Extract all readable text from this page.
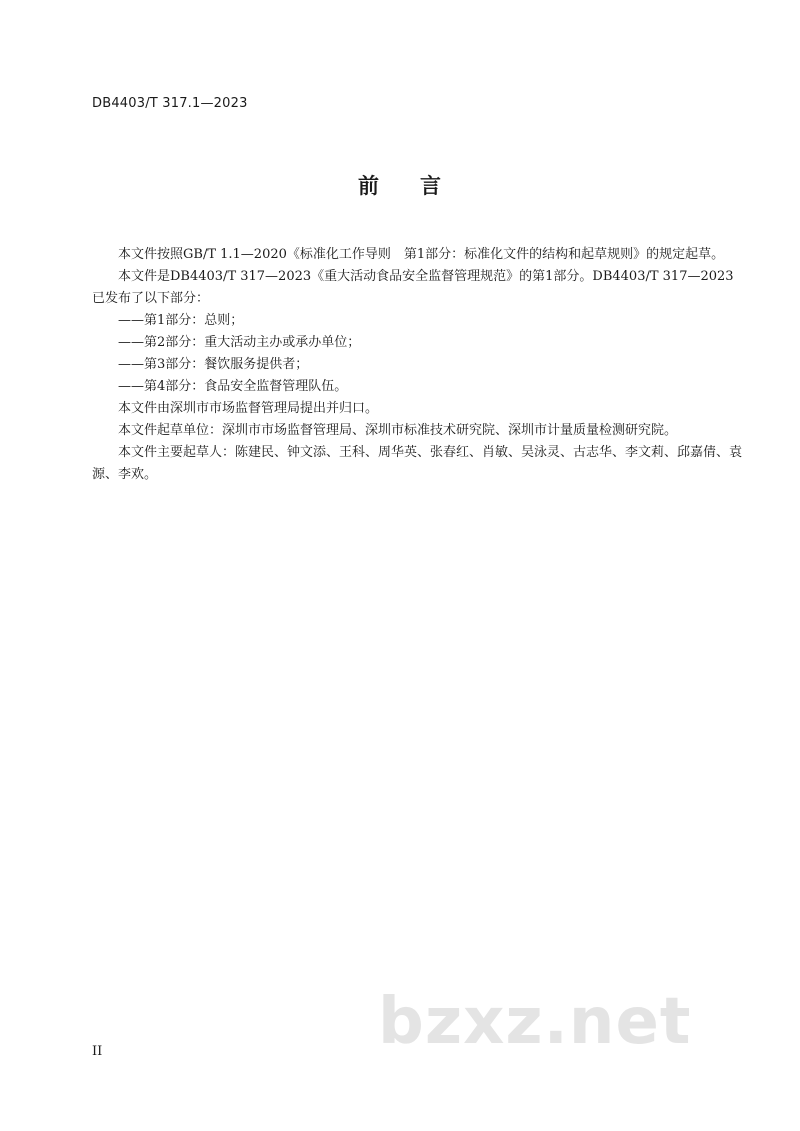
DB4403/T 317.1—2023
前 言

本文件按照GB/T 1.1—2020《标准化工作导则　第1部分：标准化文件的结构和起草规则》的规定起草。

本文件是DB4403/T 317—2023《重大活动食品安全监督管理规范》的第1部分。DB4403/T 317—2023已发布了以下部分：

——第1部分：总则；

——第2部分：重大活动主办或承办单位；

——第3部分：餐饮服务提供者；

——第4部分：食品安全监督管理队伍。

本文件由深圳市市场监督管理局提出并归口。

本文件起草单位：深圳市市场监督管理局、深圳市标准技术研究院、深圳市计量质量检测研究院。

本文件主要起草人：陈建民、钟文添、王科、周华英、张春红、肖敏、吴泳灵、古志华、李文莉、邱嘉倩、袁源、李欢。

bzxz.net
II
